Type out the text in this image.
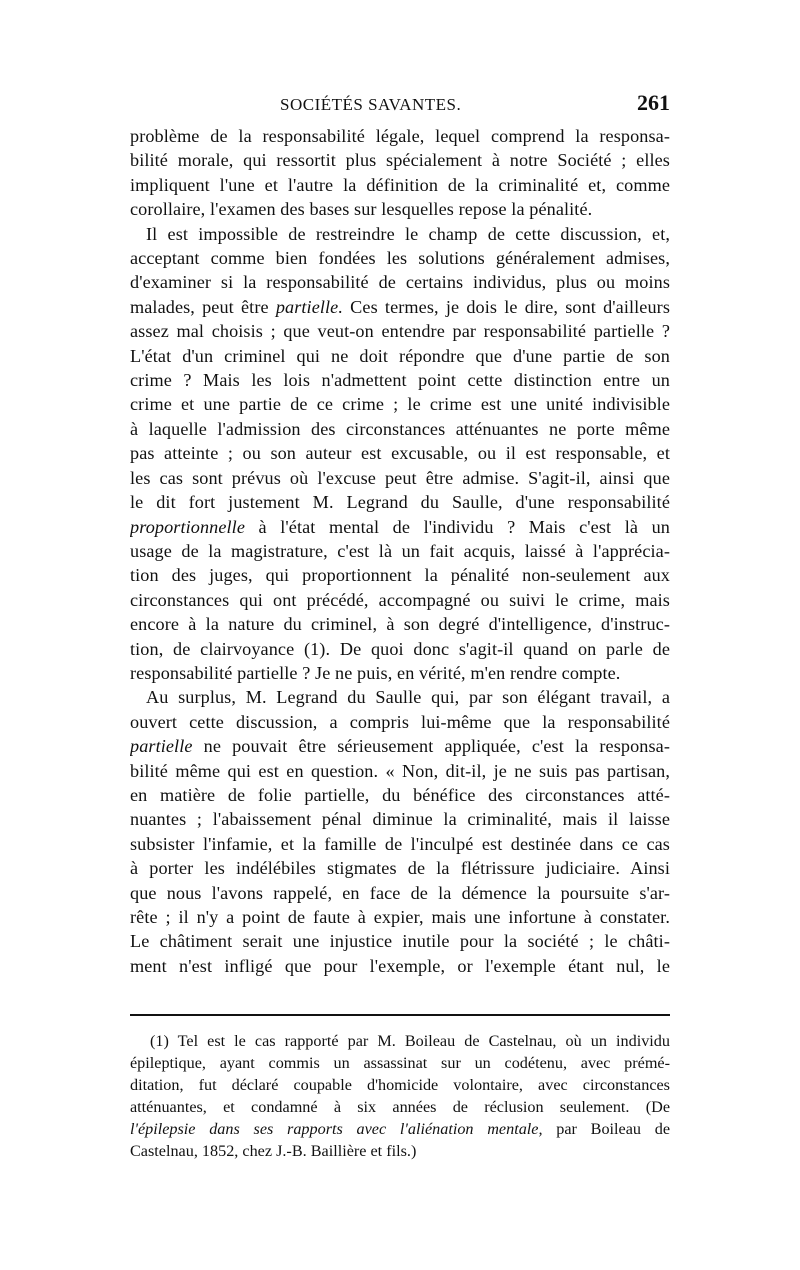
SOCIÉTÉS SAVANTES.	261
problème de la responsabilité légale, lequel comprend la responsa-
bilité morale, qui ressortit plus spécialement à notre Société ; elles
impliquent l'une et l'autre la définition de la criminalité et, comme
corollaire, l'examen des bases sur lesquelles repose la pénalité.
Il est impossible de restreindre le champ de cette discussion, et,
acceptant comme bien fondées les solutions généralement admises,
d'examiner si la responsabilité de certains individus, plus ou moins
malades, peut être partielle. Ces termes, je dois le dire, sont d'ailleurs
assez mal choisis ; que veut-on entendre par responsabilité partielle ?
L'état d'un criminel qui ne doit répondre que d'une partie de son
crime ? Mais les lois n'admettent point cette distinction entre un
crime et une partie de ce crime ; le crime est une unité indivisible
à laquelle l'admission des circonstances atténuantes ne porte même
pas atteinte ; ou son auteur est excusable, ou il est responsable, et
les cas sont prévus où l'excuse peut être admise. S'agit-il, ainsi que
le dit fort justement M. Legrand du Saulle, d'une responsabilité
proportionnelle à l'état mental de l'individu ? Mais c'est là un
usage de la magistrature, c'est là un fait acquis, laissé à l'apprécia-
tion des juges, qui proportionnent la pénalité non-seulement aux
circonstances qui ont précédé, accompagné ou suivi le crime, mais
encore à la nature du criminel, à son degré d'intelligence, d'instruc-
tion, de clairvoyance (1). De quoi donc s'agit-il quand on parle de
responsabilité partielle ? Je ne puis, en vérité, m'en rendre compte.
Au surplus, M. Legrand du Saulle qui, par son élégant travail, a
ouvert cette discussion, a compris lui-même que la responsabilité
partielle ne pouvait être sérieusement appliquée, c'est la responsa-
bilité même qui est en question. « Non, dit-il, je ne suis pas partisan,
en matière de folie partielle, du bénéfice des circonstances atté-
nuantes ; l'abaissement pénal diminue la criminalité, mais il laisse
subsister l'infamie, et la famille de l'inculpé est destinée dans ce cas
à porter les indélébiles stigmates de la flétrissure judiciaire. Ainsi
que nous l'avons rappelé, en face de la démence la poursuite s'ar-
rête ; il n'y a point de faute à expier, mais une infortune à constater.
Le châtiment serait une injustice inutile pour la société ; le châti-
ment n'est infligé que pour l'exemple, or l'exemple étant nul, le
(1) Tel est le cas rapporté par M. Boileau de Castelnau, où un individu
épileptique, ayant commis un assassinat sur un codétenu, avec prémé-
ditation, fut déclaré coupable d'homicide volontaire, avec circonstances
atténuantes, et condamné à six années de réclusion seulement. (De
l'épilepsie dans ses rapports avec l'aliénation mentale, par Boileau de
Castelnau, 1852, chez J.-B. Baillière et fils.)
